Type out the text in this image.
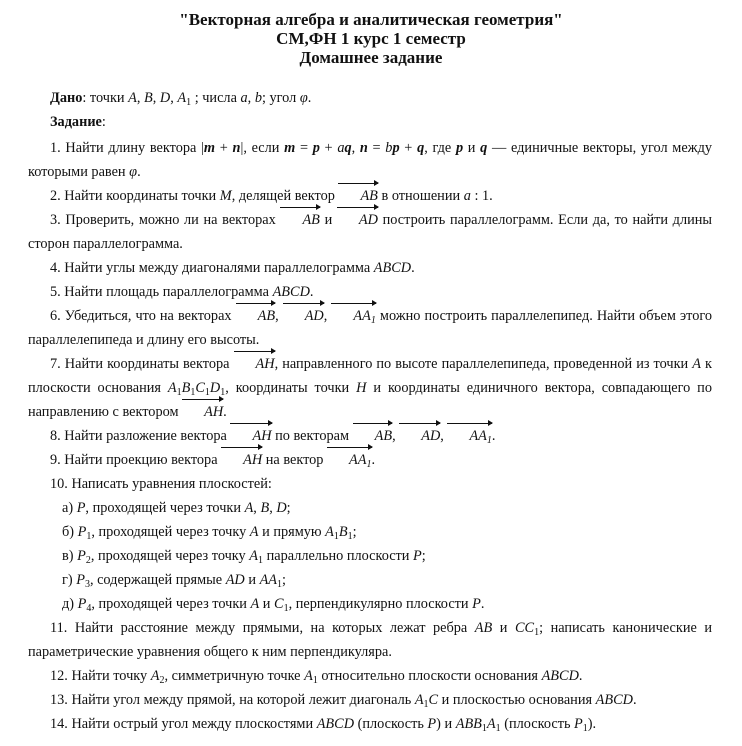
"Векторная алгебра и аналитическая геометрия"
СМ,ФН 1 курс 1 семестр
Домашнее задание
Дано: точки A, B, D, $A_1$ ; числа a, b; угол φ.
Задание:
1. Найти длину вектора |m + n|, если m = p + aq, n = bp + q, где p и q — единичные векторы, угол между которыми равен φ.
2. Найти координаты точки M, делящей вектор AB в отношении a : 1.
3. Проверить, можно ли на векторах AB и AD построить параллелограмм. Если да, то найти длины сторон параллелограмма.
4. Найти углы между диагоналями параллелограмма ABCD.
5. Найти площадь параллелограмма ABCD.
6. Убедиться, что на векторах AB, AD, $AA_1$ можно построить параллелепипед. Найти объем этого параллелепипеда и длину его высоты.
7. Найти координаты вектора AH, направленного по высоте параллелепипеда, проведенной из точки A к плоскости основания $A_1B_1C_1D_1$, координаты точки H и координаты единичного вектора, совпадающего по направлению с вектором AH.
8. Найти разложение вектора AH по векторам AB, AD, $AA_1$.
9. Найти проекцию вектора AH на вектор $AA_1$.
10. Написать уравнения плоскостей:
а) P, проходящей через точки A, B, D;
б) $P_1$, проходящей через точку A и прямую $A_1B_1$;
в) $P_2$, проходящей через точку $A_1$ параллельно плоскости P;
г) $P_3$, содержащей прямые AD и $AA_1$;
д) $P_4$, проходящей через точки A и $C_1$, перпендикулярно плоскости P.
11. Найти расстояние между прямыми, на которых лежат ребра AB и $CC_1$; написать канонические и параметрические уравнения общего к ним перпендикуляра.
12. Найти точку $A_2$, симметричную точке $A_1$ относительно плоскости основания ABCD.
13. Найти угол между прямой, на которой лежит диагональ $A_1C$ и плоскостью основания ABCD.
14. Найти острый угол между плоскостями ABCD (плоскость P) и $ABB_1A_1$ (плоскость $P_1$).
